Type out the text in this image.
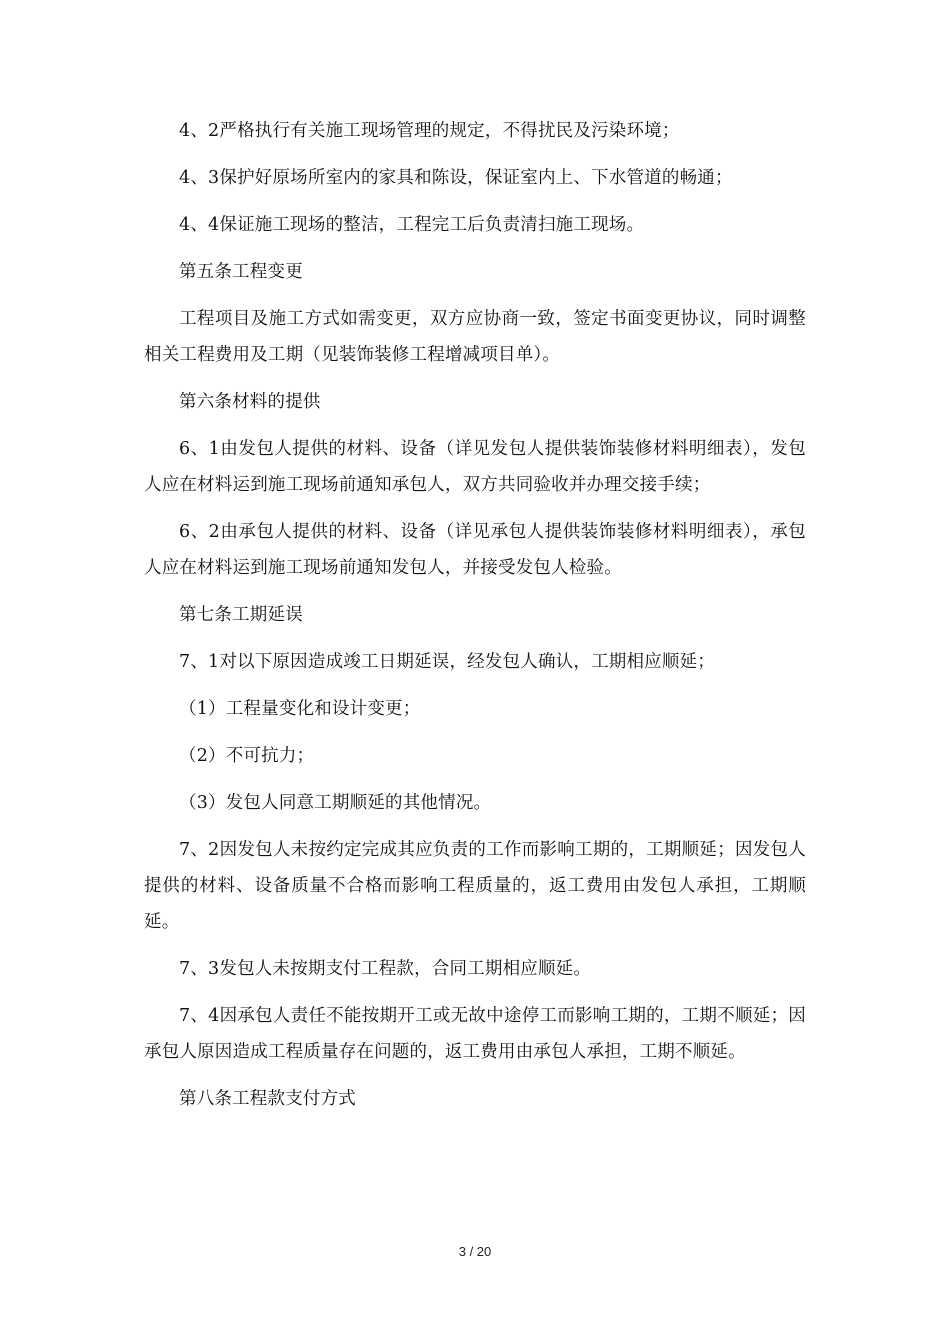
4、2严格执行有关施工现场管理的规定，不得扰民及污染环境；

4、3保护好原场所室内的家具和陈设，保证室内上、下水管道的畅通；

4、4保证施工现场的整洁，工程完工后负责清扫施工现场。

第五条工程变更

工程项目及施工方式如需变更，双方应协商一致，签定书面变更协议，同时调整相关工程费用及工期（见装饰装修工程增减项目单）。

第六条材料的提供

6、1由发包人提供的材料、设备（详见发包人提供装饰装修材料明细表），发包人应在材料运到施工现场前通知承包人，双方共同验收并办理交接手续；

6、2由承包人提供的材料、设备（详见承包人提供装饰装修材料明细表），承包人应在材料运到施工现场前通知发包人，并接受发包人检验。

第七条工期延误

7、1对以下原因造成竣工日期延误，经发包人确认，工期相应顺延；

（1）工程量变化和设计变更；

（2）不可抗力；

（3）发包人同意工期顺延的其他情况。

7、2因发包人未按约定完成其应负责的工作而影响工期的，工期顺延；因发包人提供的材料、设备质量不合格而影响工程质量的，返工费用由发包人承担，工期顺延。

7、3发包人未按期支付工程款，合同工期相应顺延。

7、4因承包人责任不能按期开工或无故中途停工而影响工期的，工期不顺延；因承包人原因造成工程质量存在问题的，返工费用由承包人承担，工期不顺延。

第八条工程款支付方式

3 / 20
